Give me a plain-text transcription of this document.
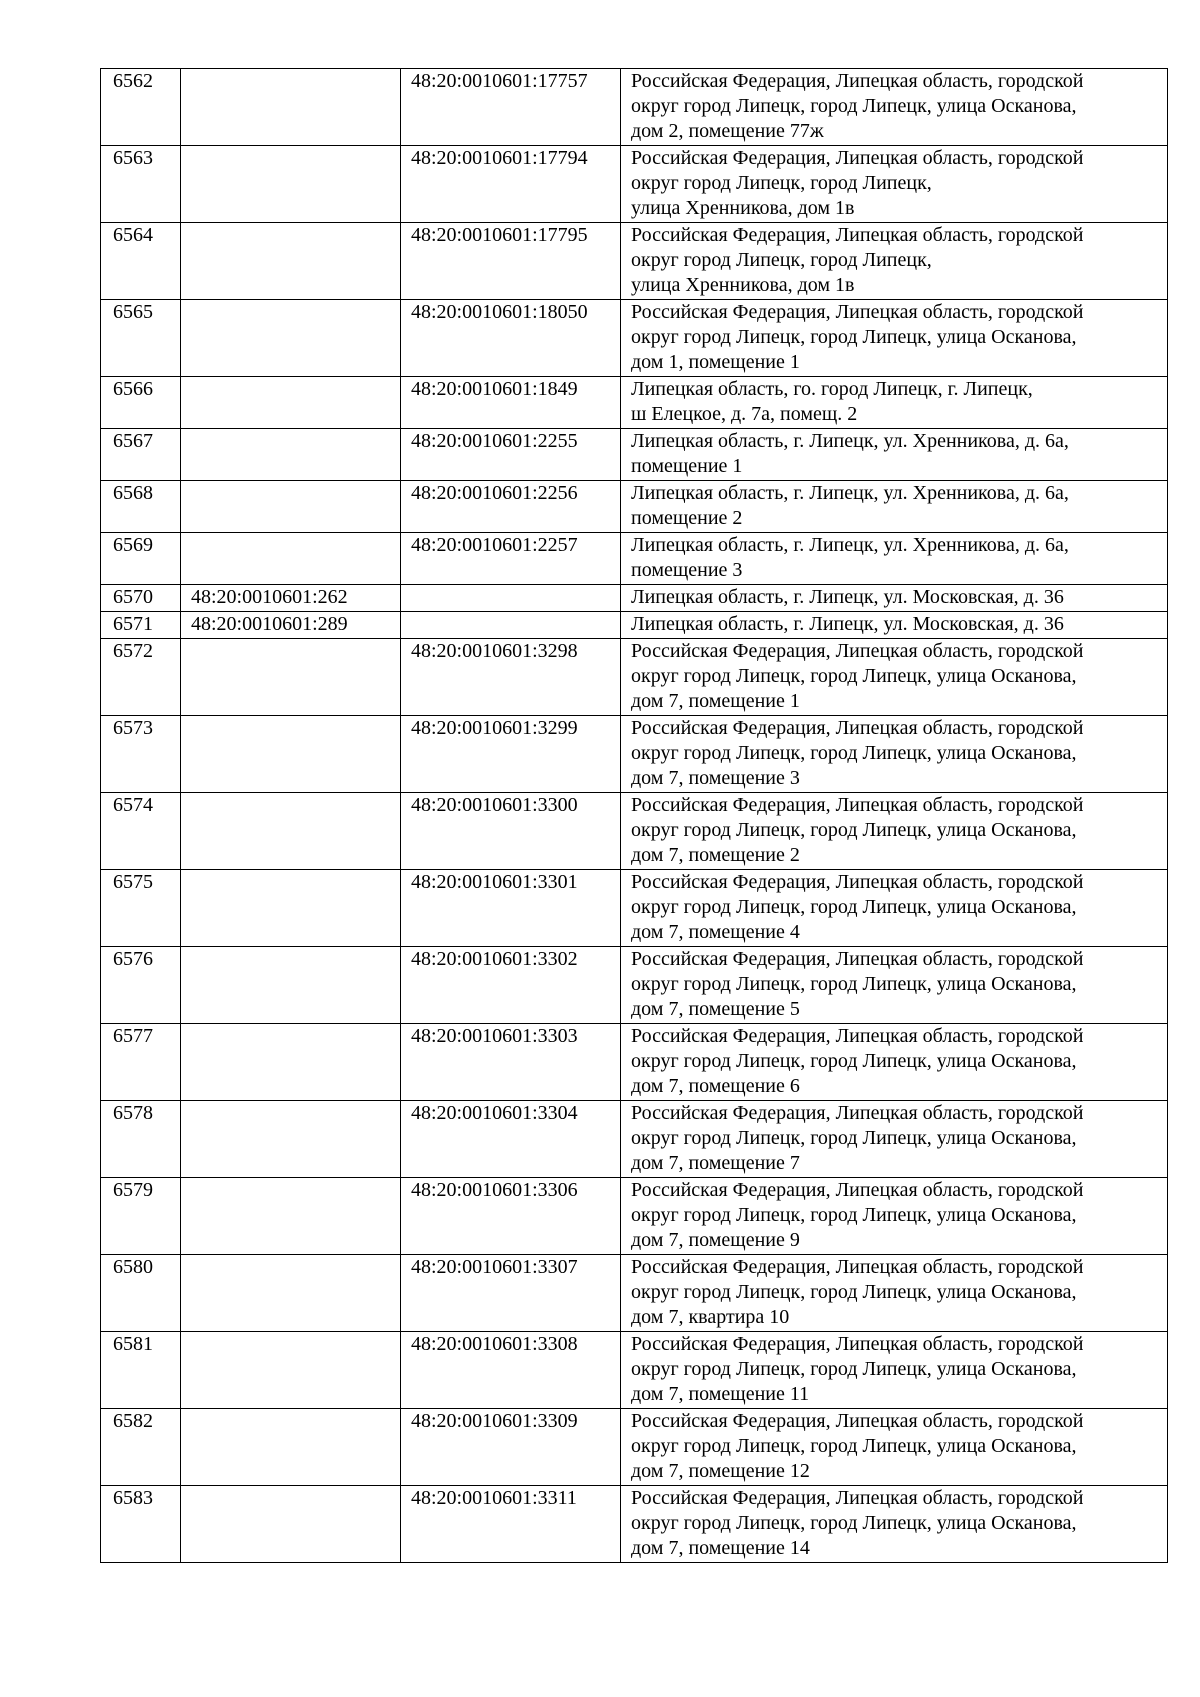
6562		48:20:0010601:17757	Российская Федерация, Липецкая область, городской
округ город Липецк, город Липецк, улица Осканова,
дом 2, помещение 77ж
6563		48:20:0010601:17794	Российская Федерация, Липецкая область, городской
округ город Липецк, город Липецк,
улица Хренникова, дом 1в
6564		48:20:0010601:17795	Российская Федерация, Липецкая область, городской
округ город Липецк, город Липецк,
улица Хренникова, дом 1в
6565		48:20:0010601:18050	Российская Федерация, Липецкая область, городской
округ город Липецк, город Липецк, улица Осканова,
дом 1, помещение 1
6566		48:20:0010601:1849	Липецкая область, го. город Липецк, г. Липецк,
ш Елецкое, д. 7а, помещ. 2
6567		48:20:0010601:2255	Липецкая область, г. Липецк, ул. Хренникова, д. 6а,
помещение 1
6568		48:20:0010601:2256	Липецкая область, г. Липецк, ул. Хренникова, д. 6а,
помещение 2
6569		48:20:0010601:2257	Липецкая область, г. Липецк, ул. Хренникова, д. 6а,
помещение 3
6570	48:20:0010601:262		Липецкая область, г. Липецк, ул. Московская, д. 36
6571	48:20:0010601:289		Липецкая область, г. Липецк, ул. Московская, д. 36
6572		48:20:0010601:3298	Российская Федерация, Липецкая область, городской
округ город Липецк, город Липецк, улица Осканова,
дом 7, помещение 1
6573		48:20:0010601:3299	Российская Федерация, Липецкая область, городской
округ город Липецк, город Липецк, улица Осканова,
дом 7, помещение 3
6574		48:20:0010601:3300	Российская Федерация, Липецкая область, городской
округ город Липецк, город Липецк, улица Осканова,
дом 7, помещение 2
6575		48:20:0010601:3301	Российская Федерация, Липецкая область, городской
округ город Липецк, город Липецк, улица Осканова,
дом 7, помещение 4
6576		48:20:0010601:3302	Российская Федерация, Липецкая область, городской
округ город Липецк, город Липецк, улица Осканова,
дом 7, помещение 5
6577		48:20:0010601:3303	Российская Федерация, Липецкая область, городской
округ город Липецк, город Липецк, улица Осканова,
дом 7, помещение 6
6578		48:20:0010601:3304	Российская Федерация, Липецкая область, городской
округ город Липецк, город Липецк, улица Осканова,
дом 7, помещение 7
6579		48:20:0010601:3306	Российская Федерация, Липецкая область, городской
округ город Липецк, город Липецк, улица Осканова,
дом 7, помещение 9
6580		48:20:0010601:3307	Российская Федерация, Липецкая область, городской
округ город Липецк, город Липецк, улица Осканова,
дом 7, квартира 10
6581		48:20:0010601:3308	Российская Федерация, Липецкая область, городской
округ город Липецк, город Липецк, улица Осканова,
дом 7, помещение 11
6582		48:20:0010601:3309	Российская Федерация, Липецкая область, городской
округ город Липецк, город Липецк, улица Осканова,
дом 7, помещение 12
6583		48:20:0010601:3311	Российская Федерация, Липецкая область, городской
округ город Липецк, город Липецк, улица Осканова,
дом 7, помещение 14
